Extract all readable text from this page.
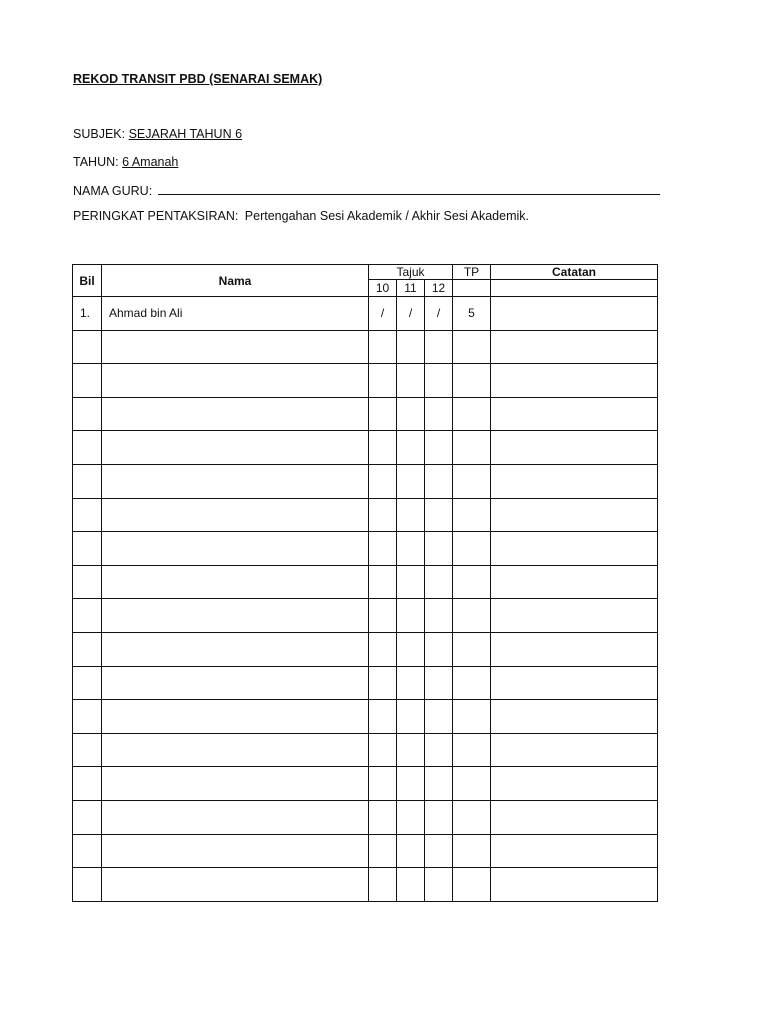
REKOD TRANSIT PBD (SENARAI SEMAK)
SUBJEK: SEJARAH TAHUN 6
TAHUN: 6 Amanah
NAMA GURU:
PERINGKAT PENTAKSIRAN: Pertengahan Sesi Akademik / Akhir Sesi Akademik.
Bil	Nama	Tajuk			TP	Catatan
		10	11	12		
1.	Ahmad bin Ali	/	/	/	5	
